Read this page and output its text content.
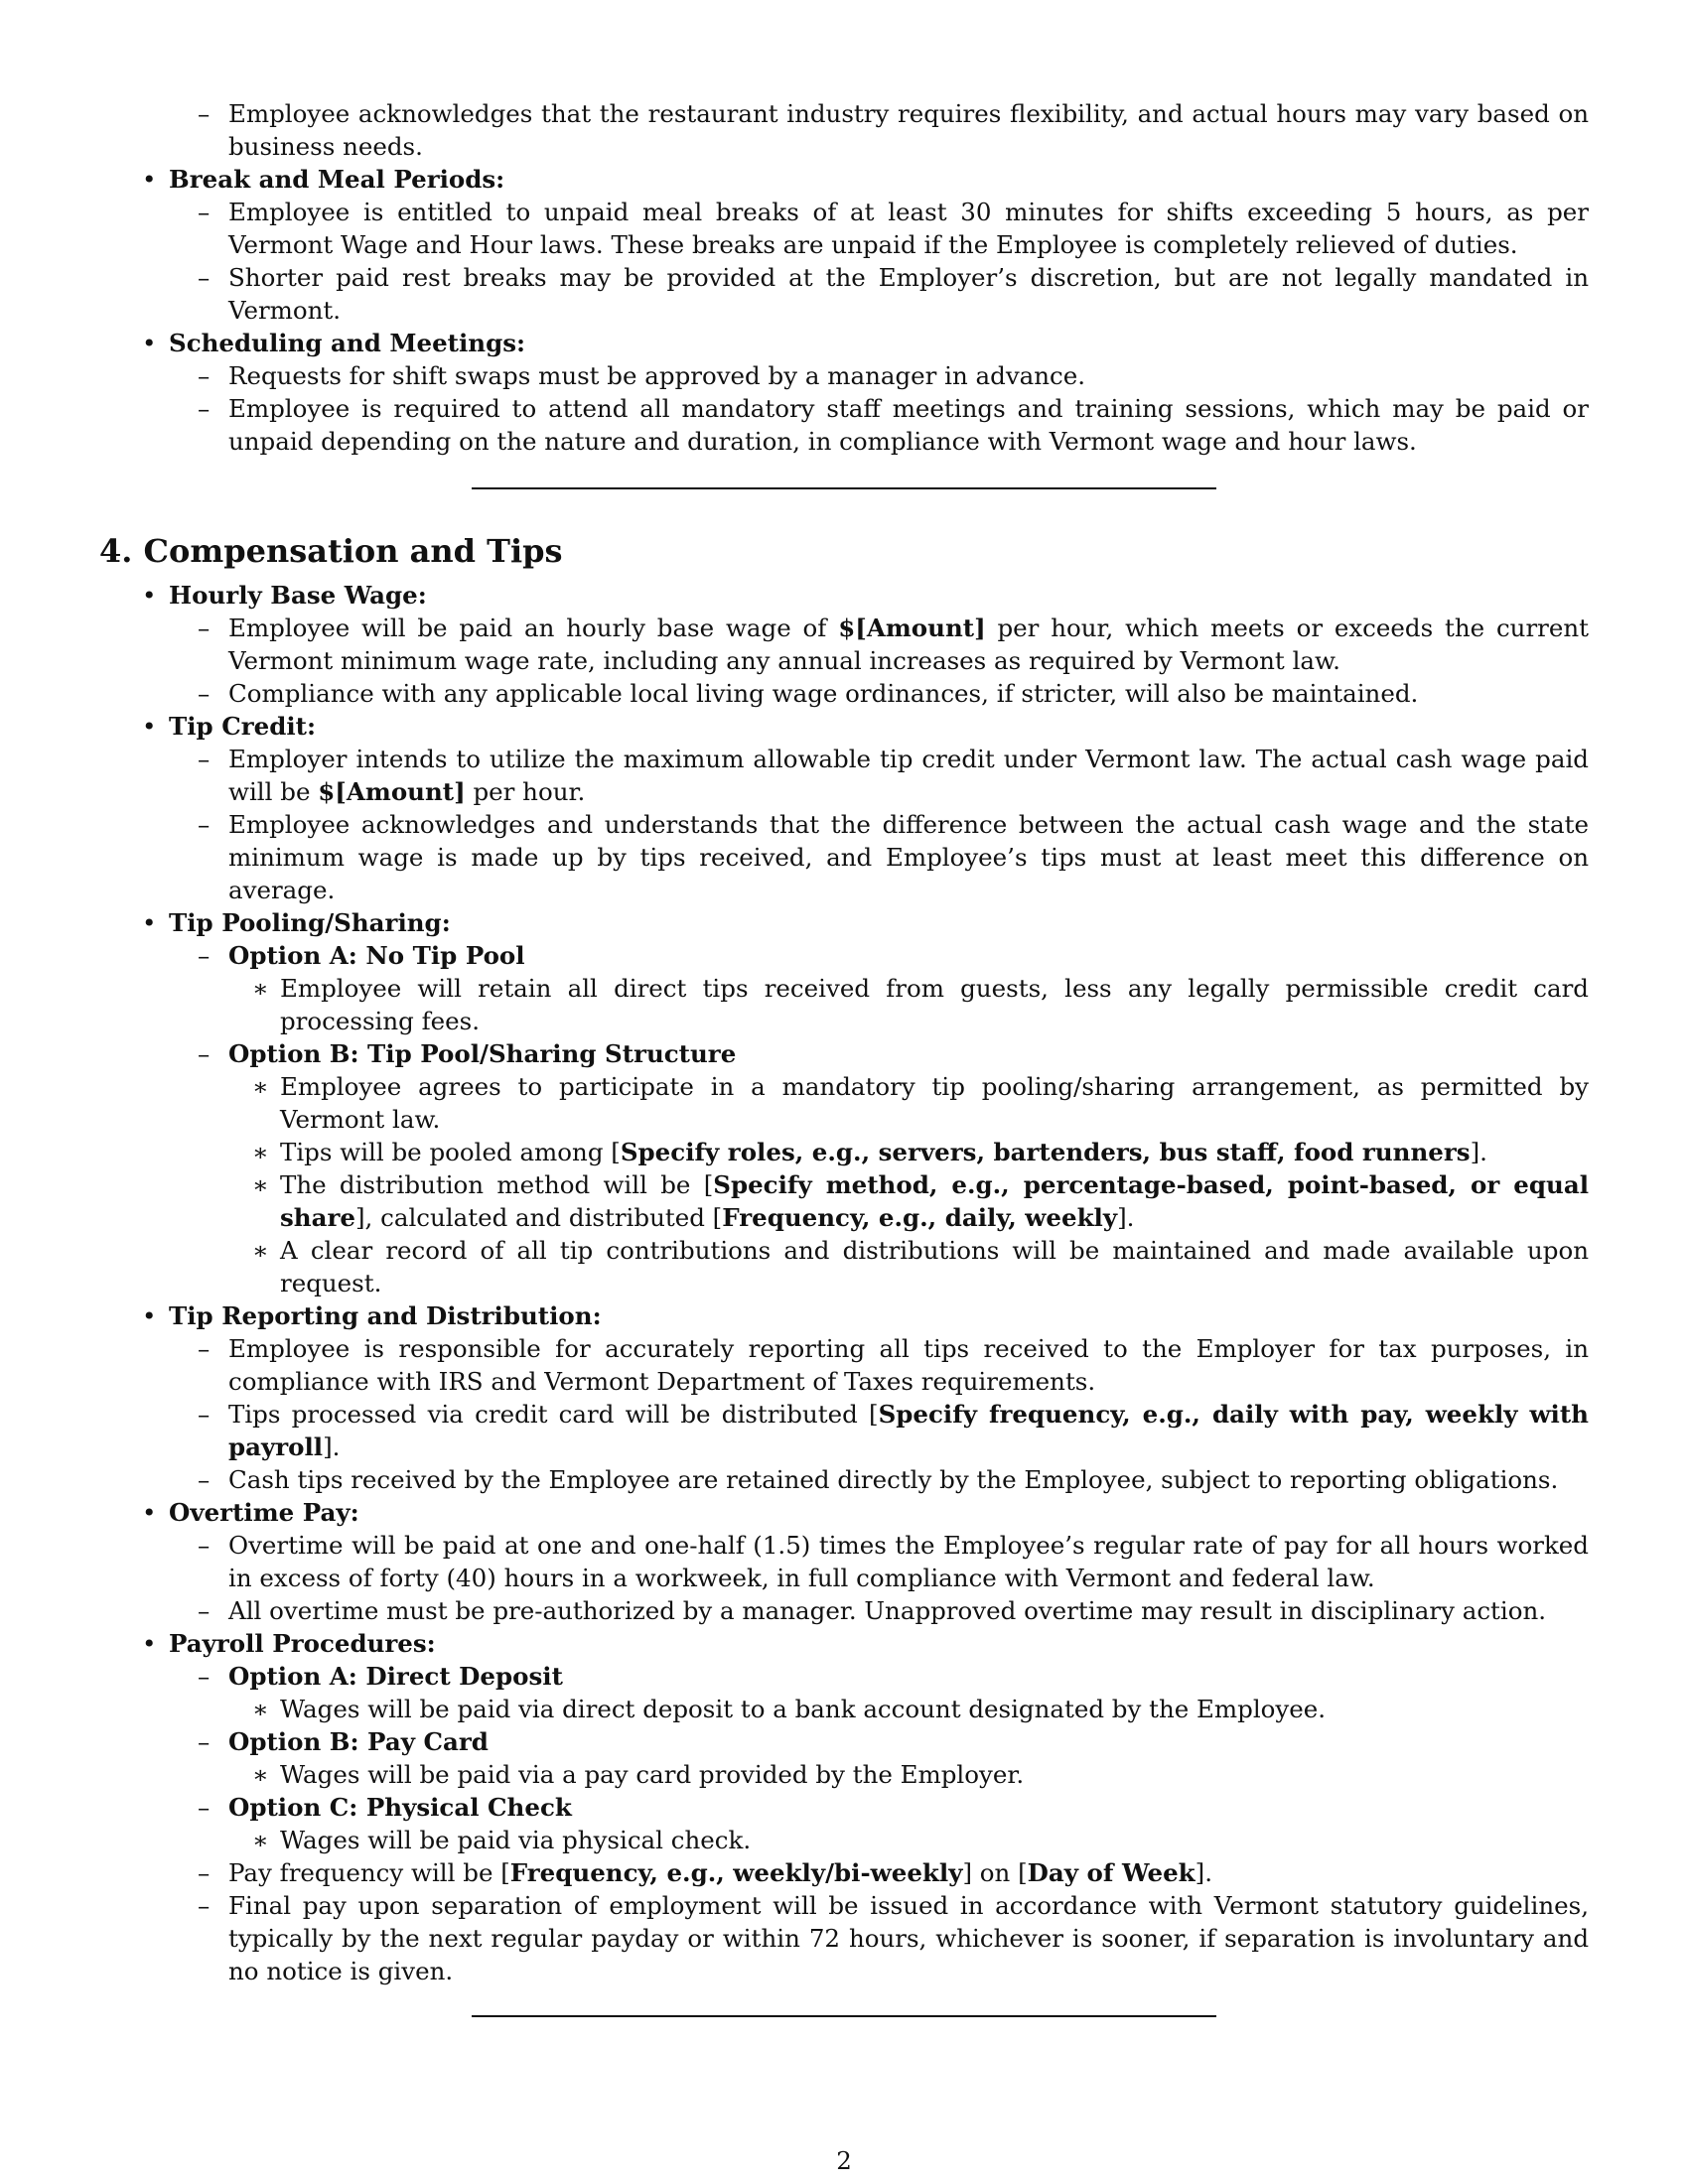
– Employee acknowledges that the restaurant industry requires flexibility, and actual hours may vary based on business needs.
• Break and Meal Periods:
– Employee is entitled to unpaid meal breaks of at least 30 minutes for shifts exceeding 5 hours, as per Vermont Wage and Hour laws. These breaks are unpaid if the Employee is completely relieved of duties.
– Shorter paid rest breaks may be provided at the Employer’s discretion, but are not legally mandated in Vermont.
• Scheduling and Meetings:
– Requests for shift swaps must be approved by a manager in advance.
– Employee is required to attend all mandatory staff meetings and training sessions, which may be paid or unpaid depending on the nature and duration, in compliance with Vermont wage and hour laws.
4. Compensation and Tips
• Hourly Base Wage:
– Employee will be paid an hourly base wage of $[Amount] per hour, which meets or exceeds the current Vermont minimum wage rate, including any annual increases as required by Vermont law.
– Compliance with any applicable local living wage ordinances, if stricter, will also be maintained.
• Tip Credit:
– Employer intends to utilize the maximum allowable tip credit under Vermont law. The actual cash wage paid will be $[Amount] per hour.
– Employee acknowledges and understands that the difference between the actual cash wage and the state minimum wage is made up by tips received, and Employee’s tips must at least meet this difference on average.
• Tip Pooling/Sharing:
– Option A: No Tip Pool
∗ Employee will retain all direct tips received from guests, less any legally permissible credit card processing fees.
– Option B: Tip Pool/Sharing Structure
∗ Employee agrees to participate in a mandatory tip pooling/sharing arrangement, as permitted by Vermont law.
∗ Tips will be pooled among [Specify roles, e.g., servers, bartenders, bus staff, food runners].
∗ The distribution method will be [Specify method, e.g., percentage-based, point-based, or equal share], calculated and distributed [Frequency, e.g., daily, weekly].
∗ A clear record of all tip contributions and distributions will be maintained and made available upon request.
• Tip Reporting and Distribution:
– Employee is responsible for accurately reporting all tips received to the Employer for tax purposes, in compliance with IRS and Vermont Department of Taxes requirements.
– Tips processed via credit card will be distributed [Specify frequency, e.g., daily with pay, weekly with payroll].
– Cash tips received by the Employee are retained directly by the Employee, subject to reporting obligations.
• Overtime Pay:
– Overtime will be paid at one and one-half (1.5) times the Employee’s regular rate of pay for all hours worked in excess of forty (40) hours in a workweek, in full compliance with Vermont and federal law.
– All overtime must be pre-authorized by a manager. Unapproved overtime may result in disciplinary action.
• Payroll Procedures:
– Option A: Direct Deposit
∗ Wages will be paid via direct deposit to a bank account designated by the Employee.
– Option B: Pay Card
∗ Wages will be paid via a pay card provided by the Employer.
– Option C: Physical Check
∗ Wages will be paid via physical check.
– Pay frequency will be [Frequency, e.g., weekly/bi-weekly] on [Day of Week].
– Final pay upon separation of employment will be issued in accordance with Vermont statutory guidelines, typically by the next regular payday or within 72 hours, whichever is sooner, if separation is involuntary and no notice is given.
2
